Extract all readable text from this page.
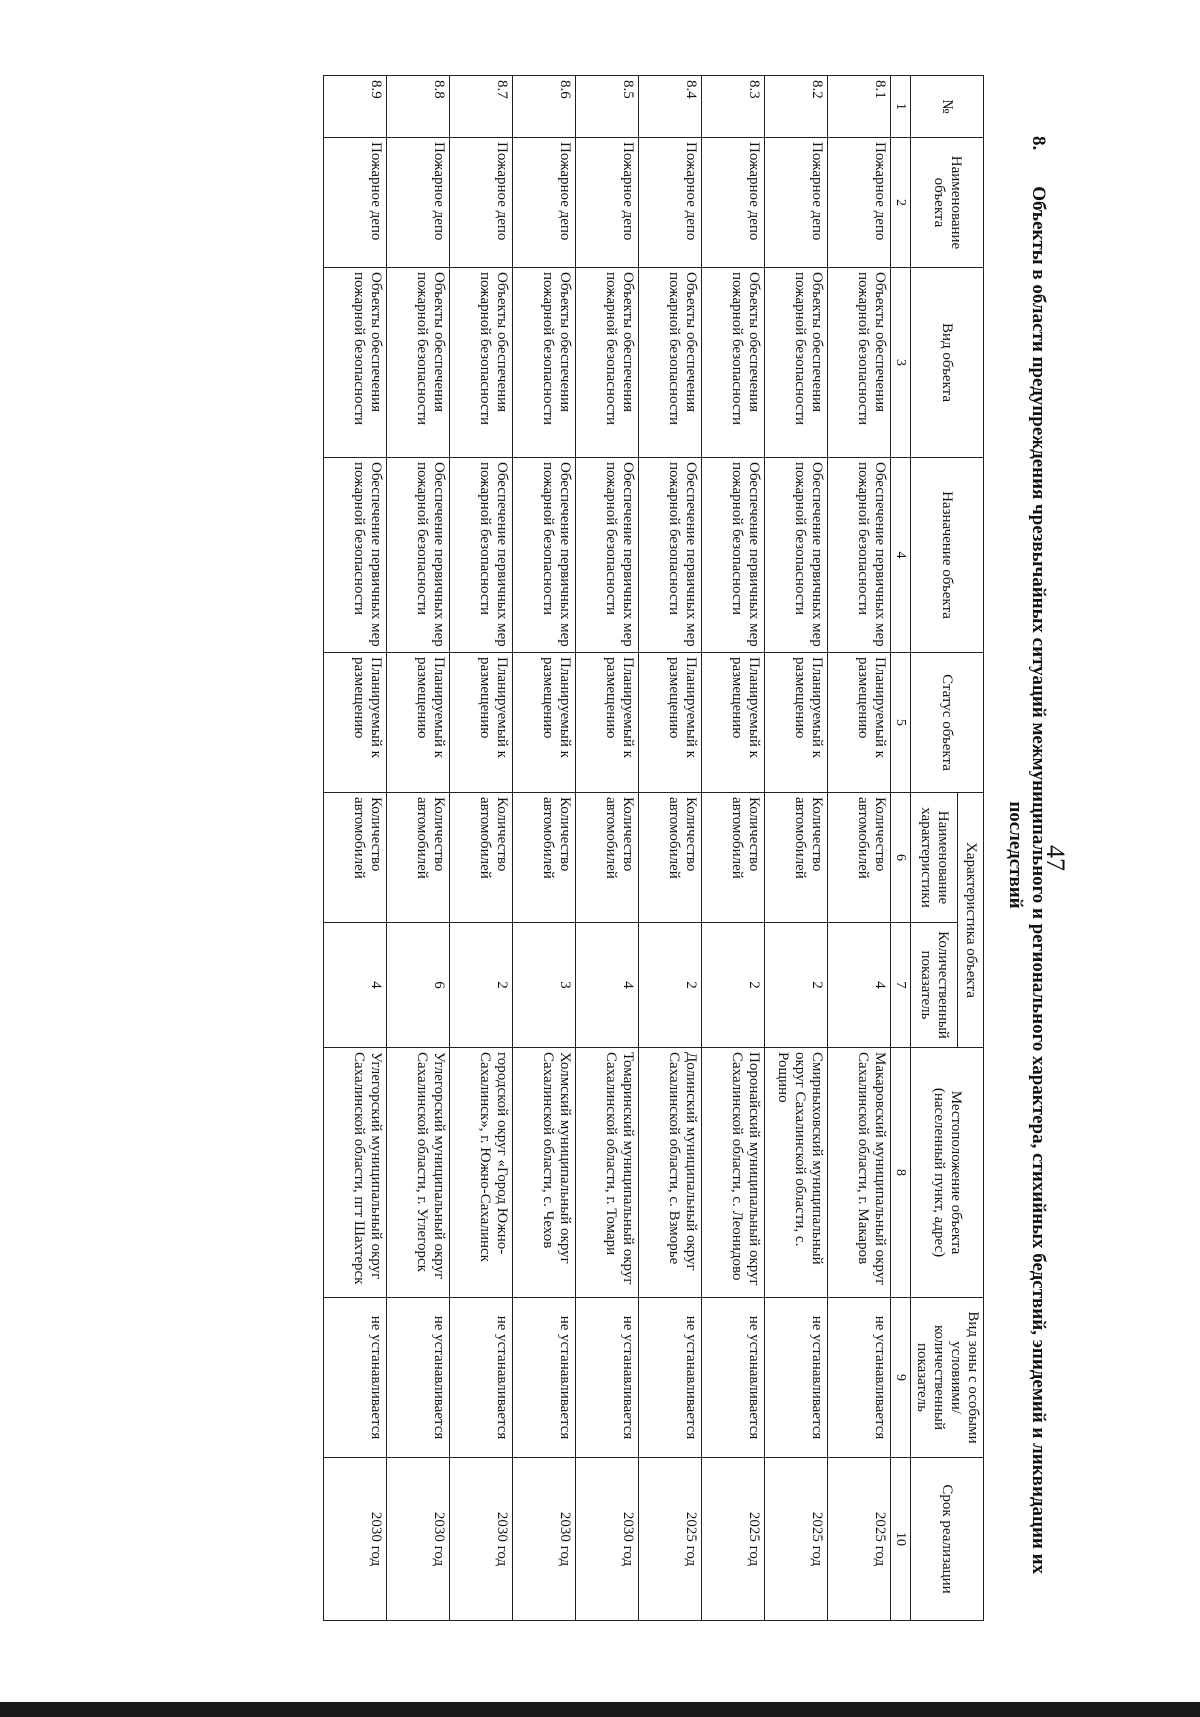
47

8.Объекты в области предупреждения чрезвычайных ситуаций межмуниципального и регионального характера, стихийных бедствий, эпидемий и ликвидации их последствий

№	Наименование объекта	Вид объекта	Назначение объекта	Статус объекта	Характеристика объекта		Местоположение объекта (населенный пункт, адрес)	Вид зоны с особыми условиями/ количественный показатель	Срок реализации
					Наименование характеристики	Количественный показатель			
1	2	3	4	5	6	7	8	9	10
8.1	Пожарное депо	Объекты обеспечения пожарной безопасности	Обеспечение первичных мер пожарной безопасности	Планируемый к размещению	Количество автомобилей	4	Макаровский муниципальный округ Сахалинской области, г. Макаров	не устанавливается	2025 год
8.2	Пожарное депо	Объекты обеспечения пожарной безопасности	Обеспечение первичных мер пожарной безопасности	Планируемый к размещению	Количество автомобилей	2	Смирныховский муниципальный округ Сахалинской области, с. Рощино	не устанавливается	2025 год
8.3	Пожарное депо	Объекты обеспечения пожарной безопасности	Обеспечение первичных мер пожарной безопасности	Планируемый к размещению	Количество автомобилей	2	Поронайский муниципальный округ Сахалинской области, с. Леонидово	не устанавливается	2025 год
8.4	Пожарное депо	Объекты обеспечения пожарной безопасности	Обеспечение первичных мер пожарной безопасности	Планируемый к размещению	Количество автомобилей	2	Долинский муниципальный округ Сахалинской области, с. Взморье	не устанавливается	2025 год
8.5	Пожарное депо	Объекты обеспечения пожарной безопасности	Обеспечение первичных мер пожарной безопасности	Планируемый к размещению	Количество автомобилей	4	Томаринский муниципальный округ Сахалинской области, г. Томари	не устанавливается	2030 год
8.6	Пожарное депо	Объекты обеспечения пожарной безопасности	Обеспечение первичных мер пожарной безопасности	Планируемый к размещению	Количество автомобилей	3	Холмский муниципальный округ Сахалинской области, с. Чехов	не устанавливается	2030 год
8.7	Пожарное депо	Объекты обеспечения пожарной безопасности	Обеспечение первичных мер пожарной безопасности	Планируемый к размещению	Количество автомобилей	2	городской округ «Город Южно-Сахалинск», г. Южно-Сахалинск	не устанавливается	2030 год
8.8	Пожарное депо	Объекты обеспечения пожарной безопасности	Обеспечение первичных мер пожарной безопасности	Планируемый к размещению	Количество автомобилей	6	Углегорский муниципальный округ Сахалинской области, г. Углегорск	не устанавливается	2030 год
8.9	Пожарное депо	Объекты обеспечения пожарной безопасности	Обеспечение первичных мер пожарной безопасности	Планируемый к размещению	Количество автомобилей	4	Углегорский муниципальный округ Сахалинской области, пгт Шахтерск	не устанавливается	2030 год
